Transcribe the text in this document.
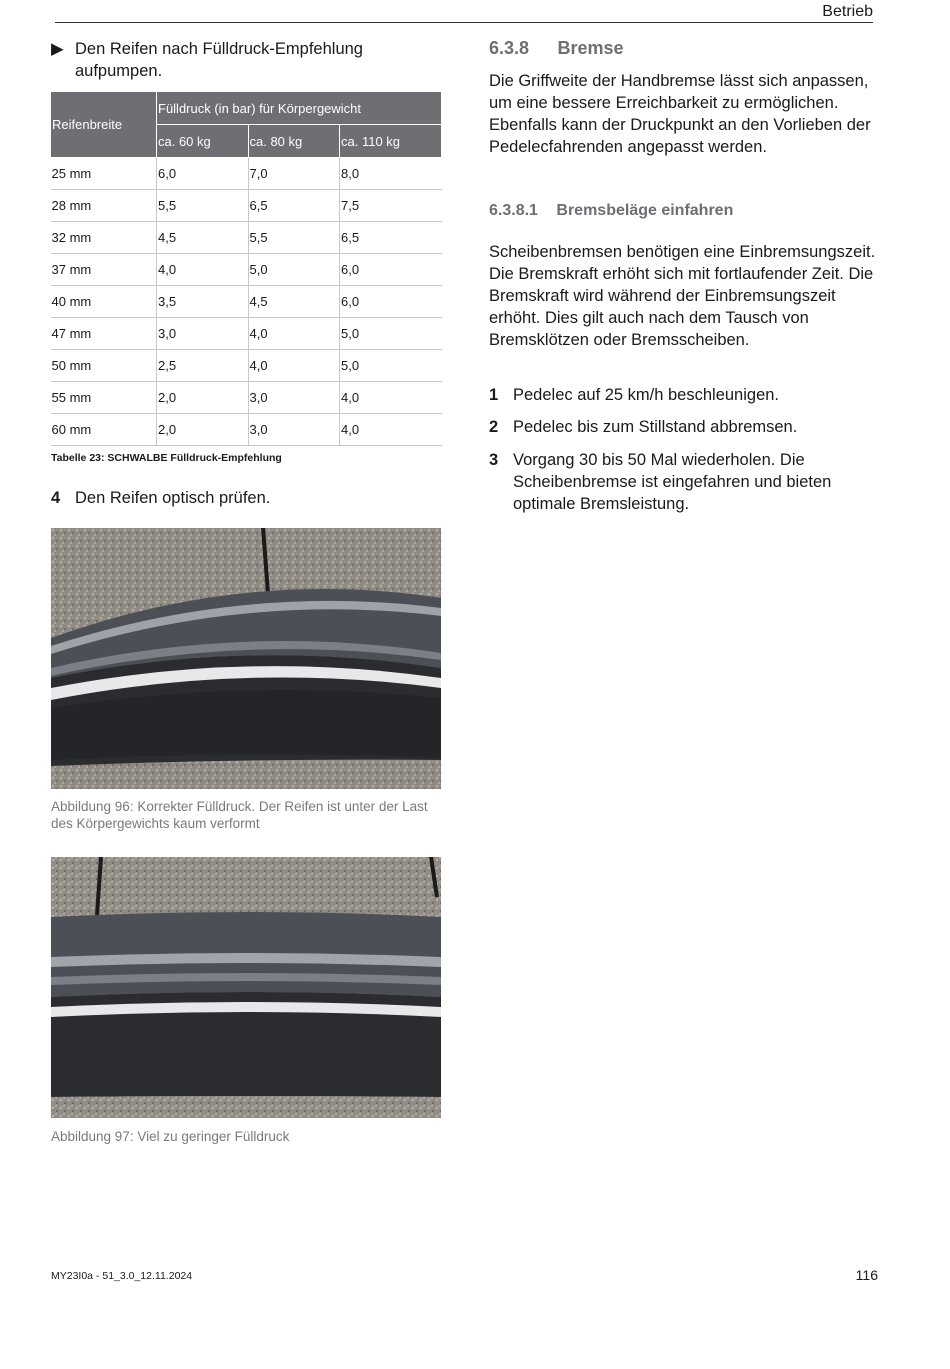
Betrieb
▶ Den Reifen nach Fülldruck-Empfehlung aufpumpen.
Reifenbreite	Fülldruck (in bar) für Körpergewicht		
	ca. 60 kg	ca. 80 kg	ca. 110 kg
25 mm	6,0	7,0	8,0
28 mm	5,5	6,5	7,5
32 mm	4,5	5,5	6,5
37 mm	4,0	5,0	6,0
40 mm	3,5	4,5	6,0
47 mm	3,0	4,0	5,0
50 mm	2,5	4,0	5,0
55 mm	2,0	3,0	4,0
60 mm	2,0	3,0	4,0
Tabelle 23: SCHWALBE Fülldruck-Empfehlung
4 Den Reifen optisch prüfen.
Abbildung 96: Korrekter Fülldruck. Der Reifen ist unter der Last des Körpergewichts kaum verformt
Abbildung 97: Viel zu geringer Fülldruck
6.3.8 Bremse
Die Griffweite der Handbremse lässt sich anpassen, um eine bessere Erreichbarkeit zu ermöglichen. Ebenfalls kann der Druckpunkt an den Vorlieben der Pedelecfahrenden angepasst werden.
6.3.8.1 Bremsbeläge einfahren
Scheibenbremsen benötigen eine Einbremsungszeit. Die Bremskraft erhöht sich mit fortlaufender Zeit. Die Bremskraft wird während der Einbremsungszeit erhöht. Dies gilt auch nach dem Tausch von Bremsklötzen oder Bremsscheiben.
1 Pedelec auf 25 km/h beschleunigen.
2 Pedelec bis zum Stillstand abbremsen.
3 Vorgang 30 bis 50 Mal wiederholen. Die Scheibenbremse ist eingefahren und bieten optimale Bremsleistung.
MY23I0a - 51_3.0_12.11.2024	116
